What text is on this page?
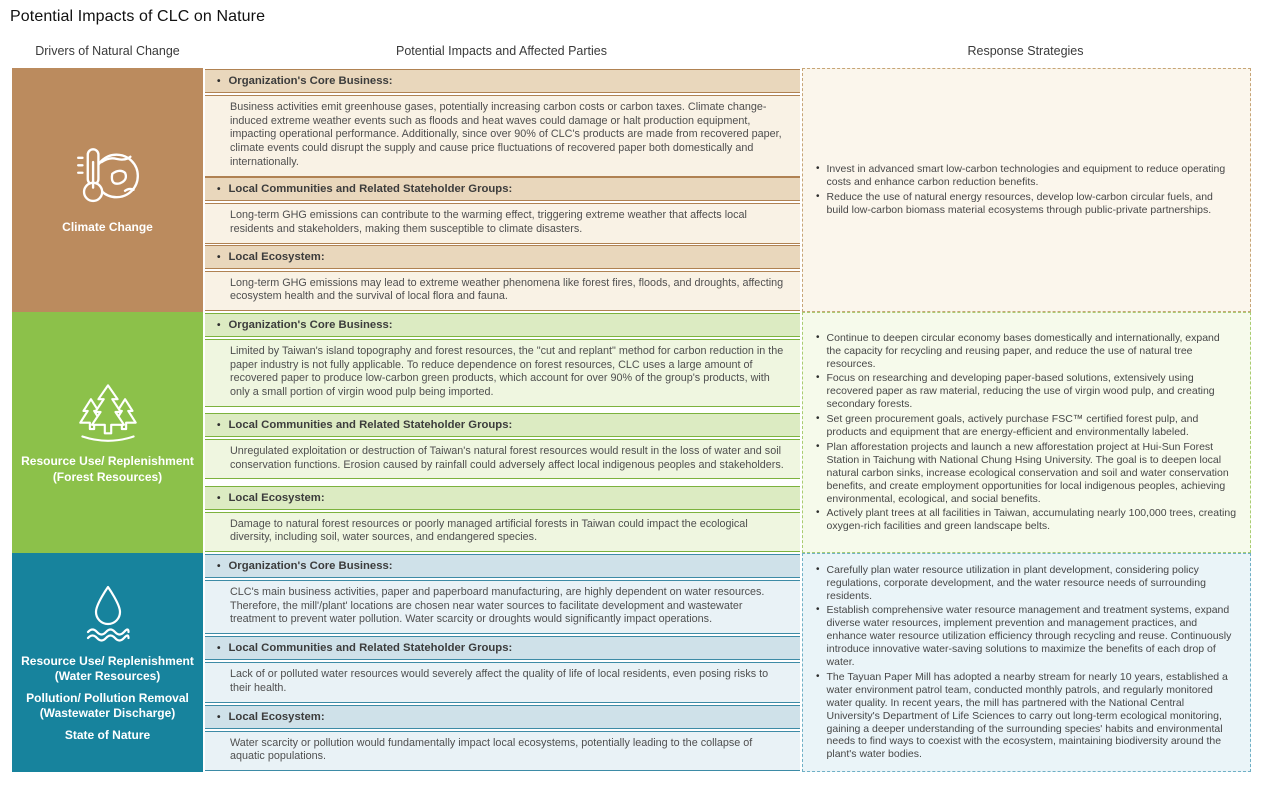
Potential Impacts of CLC on Nature
Drivers of Natural Change	Potential Impacts and Affected Parties	Response Strategies
Climate Change
• Organization's Core Business:
Business activities emit greenhouse gases, potentially increasing carbon costs or carbon taxes. Climate change-induced extreme weather events such as floods and heat waves could damage or halt production equipment, impacting operational performance. Additionally, since over 90% of CLC's products are made from recovered paper, climate events could disrupt the supply and cause price fluctuations of recovered paper both domestically and internationally.
• Local Communities and Related Stateholder Groups:
Long-term GHG emissions can contribute to the warming effect, triggering extreme weather that affects local residents and stakeholders, making them susceptible to climate disasters.
• Local Ecosystem:
Long-term GHG emissions may lead to extreme weather phenomena like forest fires, floods, and droughts, affecting ecosystem health and the survival of local flora and fauna.
• Invest in advanced smart low-carbon technologies and equipment to reduce operating costs and enhance carbon reduction benefits.
• Reduce the use of natural energy resources, develop low-carbon circular fuels, and build low-carbon biomass material ecosystems through public-private partnerships.
Resource Use/ Replenishment (Forest Resources)
• Organization's Core Business:
Limited by Taiwan's island topography and forest resources, the "cut and replant" method for carbon reduction in the paper industry is not fully applicable. To reduce dependence on forest resources, CLC uses a large amount of recovered paper to produce low-carbon green products, which account for over 90% of the group's products, with only a small portion of virgin wood pulp being imported.
• Local Communities and Related Stateholder Groups:
Unregulated exploitation or destruction of Taiwan's natural forest resources would result in the loss of water and soil conservation functions. Erosion caused by rainfall could adversely affect local indigenous peoples and stakeholders.
• Local Ecosystem:
Damage to natural forest resources or poorly managed artificial forests in Taiwan could impact the ecological diversity, including soil, water sources, and endangered species.
• Continue to deepen circular economy bases domestically and internationally, expand the capacity for recycling and reusing paper, and reduce the use of natural tree resources.
• Focus on researching and developing paper-based solutions, extensively using recovered paper as raw material, reducing the use of virgin wood pulp, and creating secondary forests.
• Set green procurement goals, actively purchase FSC™ certified forest pulp, and products and equipment that are energy-efficient and environmentally labeled.
• Plan afforestation projects and launch a new afforestation project at Hui-Sun Forest Station in Taichung with National Chung Hsing University. The goal is to deepen local natural carbon sinks, increase ecological conservation and soil and water conservation benefits, and create employment opportunities for local indigenous peoples, achieving environmental, ecological, and social benefits.
• Actively plant trees at all facilities in Taiwan, accumulating nearly 100,000 trees, creating oxygen-rich facilities and green landscape belts.
Resource Use/ Replenishment (Water Resources)
Pollution/ Pollution Removal (Wastewater Discharge)
State of Nature
• Organization's Core Business:
CLC's main business activities, paper and paperboard manufacturing, are highly dependent on water resources. Therefore, the mill'/plant' locations are chosen near water sources to facilitate development and wastewater treatment to prevent water pollution. Water scarcity or droughts would significantly impact operations.
• Local Communities and Related Stateholder Groups:
Lack of or polluted water resources would severely affect the quality of life of local residents, even posing risks to their health.
• Local Ecosystem:
Water scarcity or pollution would fundamentally impact local ecosystems, potentially leading to the collapse of aquatic populations.
• Carefully plan water resource utilization in plant development, considering policy regulations, corporate development, and the water resource needs of surrounding residents.
• Establish comprehensive water resource management and treatment systems, expand diverse water resources, implement prevention and management practices, and enhance water resource utilization efficiency through recycling and reuse. Continuously introduce innovative water-saving solutions to maximize the benefits of each drop of water.
• The Tayuan Paper Mill has adopted a nearby stream for nearly 10 years, established a water environment patrol team, conducted monthly patrols, and regularly monitored water quality. In recent years, the mill has partnered with the National Central University's Department of Life Sciences to carry out long-term ecological monitoring, gaining a deeper understanding of the surrounding species' habits and environmental needs to find ways to coexist with the ecosystem, maintaining biodiversity around the plant's water bodies.
